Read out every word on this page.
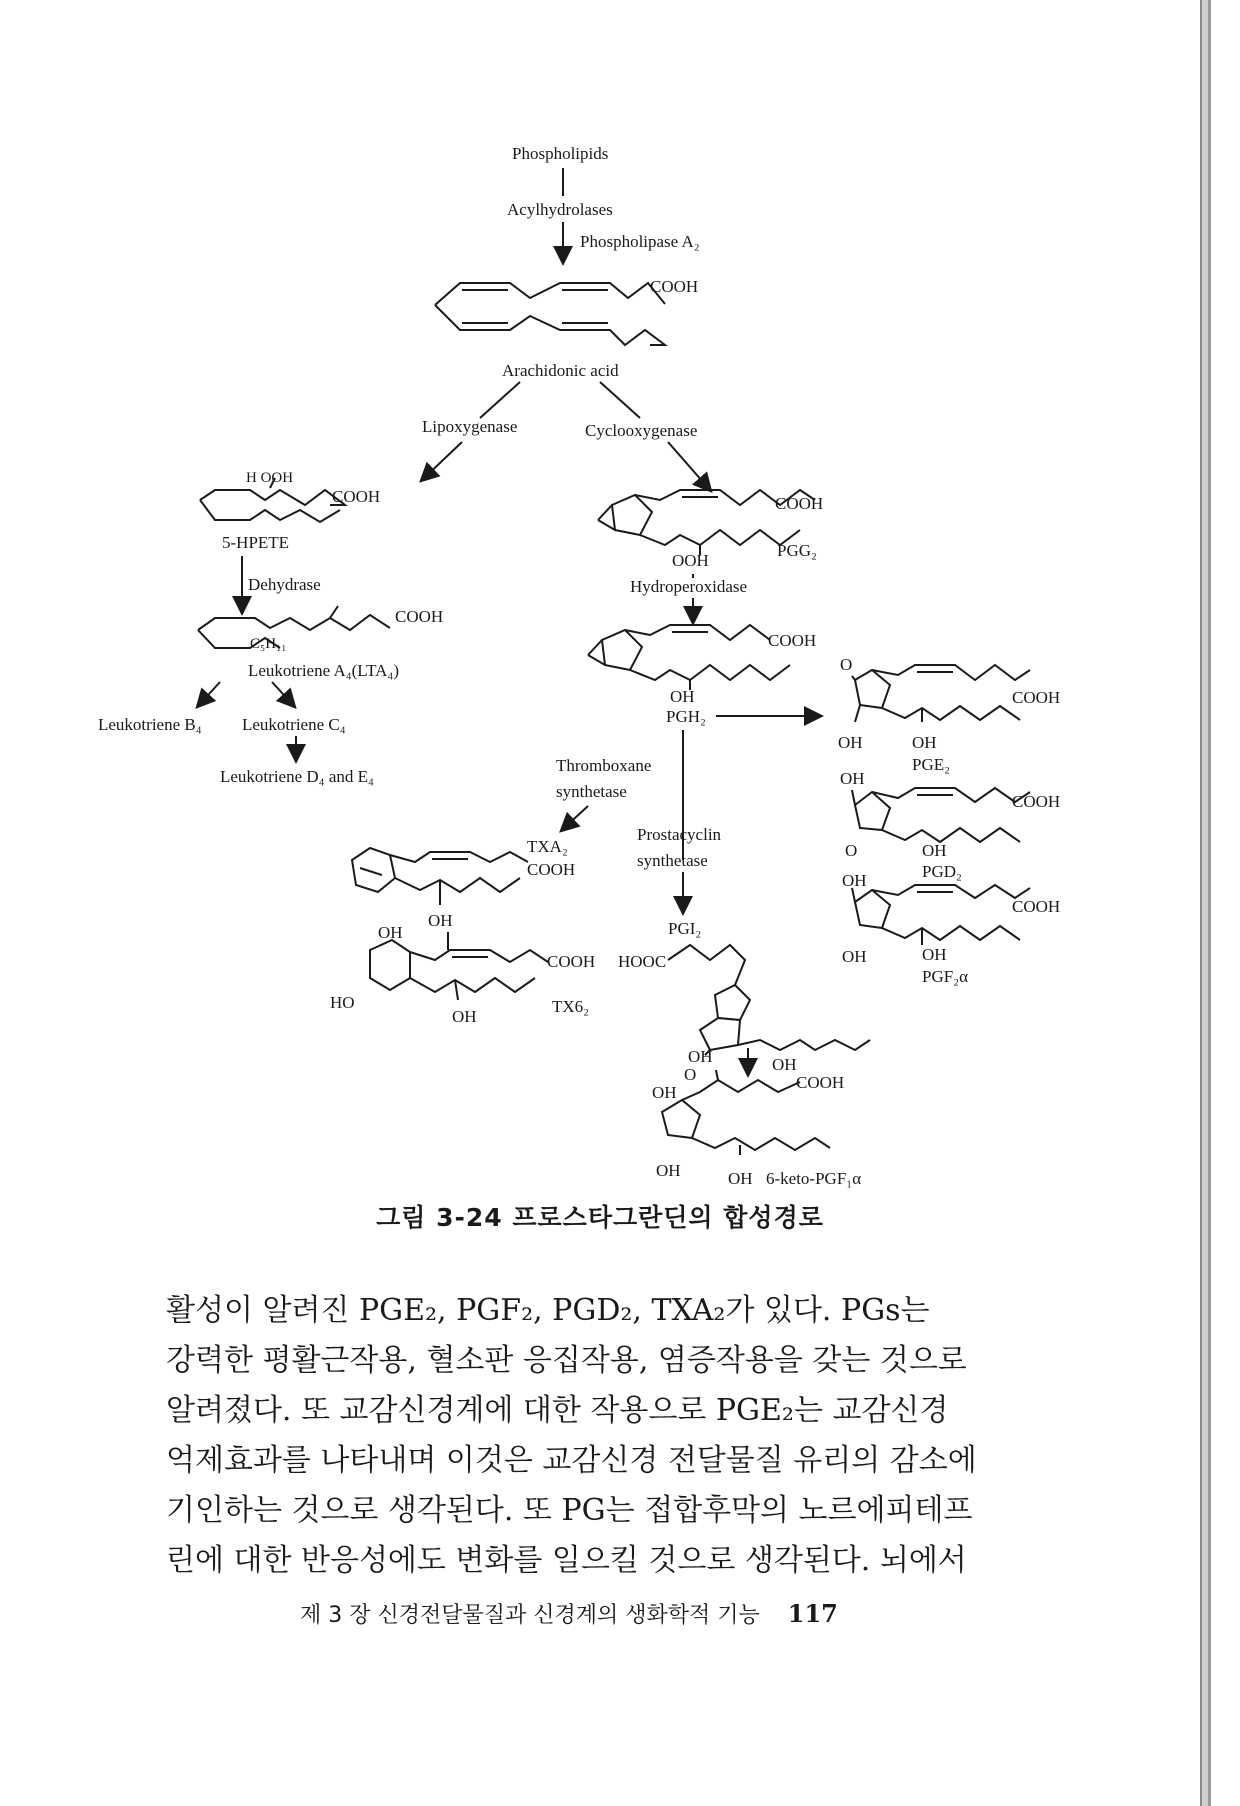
Phospholipids
Acylhydrolases
Phospholipase A₂
COOH
Arachidonic acid
Lipoxygenase	Cyclooxygenase
H OOH
COOH
5-HPETE
Dehydrase
COOH
C₅H₁₁
Leukotriene A₄(LTA₄)
Leukotriene B₄ Leukotriene C₄
Leukotriene D₄ and E₄
COOH
OOH
PGG₂
Hydroperoxidase
COOH
OH
PGH₂
Thromboxane
synthetase
Prostacyclin
synthetase
TXA₂
COOH
OH
OH
COOH
HO
OH
TX6₂
PGI₂
HOOC
OH	OH
O	COOH
OH
OH	OH 6-keto-PGF₁α
O
COOH
OH	OH
PGE₂
OH
COOH
O	OH
PGD₂
OH
COOH
OH	OH
PGF₂α
그림 3-24 프로스타그란딘의 합성경로

활성이 알려진 PGE₂, PGF₂, PGD₂, TXA₂가 있다. PGs는

강력한 평활근작용, 혈소판 응집작용, 염증작용을 갖는 것으로

알려졌다. 또 교감신경계에 대한 작용으로 PGE₂는 교감신경

억제효과를 나타내며 이것은 교감신경 전달물질 유리의 감소에

기인하는 것으로 생각된다. 또 PG는 접합후막의 노르에피테프

린에 대한 반응성에도 변화를 일으킬 것으로 생각된다. 뇌에서

제 3 장 신경전달물질과 신경계의 생화학적 기능 117
